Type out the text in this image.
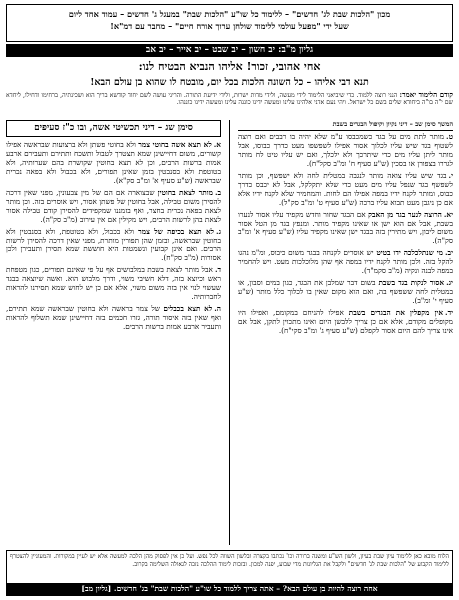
מכון "הלכות שבת לג' חדשים" – ללימוד כל שו"ע "הלכות שבת" במעגל ג' חדשים – עמוד אחד ליום
שעל ידי "מפעל עולמי ללימוד שולחן ערוך אורח חיים" – מחבר עם דמ"א!
גליון מ"ב: יב חשון – יב שבט – יב אייר – יב אב
אחי אהובי, זכור! אליהו הנביא הבטיח לנו:
תנא דבי אליהו – כל השונה הלכות בכל יום, מובטח לו שהוא בן עולם הבא!
קודם הלימוד יאמר: הנני רוצה ללמוד. כדי שיביאני הלימוד לידי מעשה, ולידי מדות ישרות, ולידי ידיעת התורה. והריני עושה לשם יחוד קודשא בריך הוא ושכינתיה, ברחימו ודחילו, ליחדא שם י"ה בו"ה ביחודא שלים בשם כל ישראל. ויהי נעם אדני אלהינו עלינו ומעשה ידינו כוננה עלינו ומעשה ידינו כוננהו.
המשך סימן שב – דיני נקיון וקיפול הבגדים בשבת

ט.מותר לתת מים על בגד כשמכבסו ע"מ שלא יהיה בו רבבים ואם רוצה לשטוף בגד שיש עליו לכלוך אסור אפילו לשפשפו מעט כדרך כבוסו, אבל מותר ליתן עליו מים כדי שיתרכך ולא ילכלך, ואם יש עליו טיט לח מותר לגררו בצפורן או בסכין (ש"ע סעיף ח' ומ"ב סקל"ח).

י.בגד שיש עליו צואה מותר לנגבה במטלית לחה ולא ישפשף, וכן מותר לשפשף בגד שנפל עליו מים מעט כדי שלא יתקלקל, אבל לא יכבס כדרך כבוס, ומותר לקנח ידיו במפה אפילו הם לחות. והמחמיר שלא לקנח ידיו אלא אם כן ניגבן מעט תבוא עליו ברכה (ש"ע סעיף ט' ומ"ב סק"ל).

יא.הרוצה לנער בגד מן האבק אם הבגד שחור וחדש מקפיד עליו אסור לנערו בשבת, אבל אם הוא ישן או שאינו מקפיד מותר. ומנפץ בגד מן הטל אסור משום ליבון, ויש מתירין בזה בבגד ישן שאינו מקפיד עליו (ש"ע סעיף א' ומ"ב סק"ה).

יב.מי שנתלכלכה ידו בטיט יש אוסרים לקנחה בבגד משום כיבוס, ומ"מ נהגו להקל בזה. ולכן מותר לקנח ידיו במפה אף שהן מלוכלכות מעט. ויש להחמיר במפה לבנה ונקיה (מ"ב סקמ"ד).

יג.אסור לנקות בגד בשבת בשום דבר שמלבן את הבגד, כגון במים וסבון, או במטלית לחה ששפשף בה, ואם הוא מקום שאין בו לכלוך כלל מותר (ש"ע סעיף י' ומ"ב).

יד.אין מקפלין את הבגדים בשבת אפילו להניחם במקומם, ואפילו היו מקופלים מקודם, אלא אם כן צריך ללבשן היום ואינו מתכוין לתקן, אבל אם אינו צריך להם היום אסור לקפלם (ש"ע סעיף ג' ומ"ב סקי"ח).

סימן שג – דיני תכשיטי אשה, ובו כ"ז סעיפים

א.לא תצא אשה בחוטי צמר ולא בחוטי פשתן ולא ברצועות שבראשה אפילו קשורים, משום דחיישינן שמא תצטרך לטבול ותשכח ותתירם ותעבירם ארבע אמות ברשות הרבים, וכן לא תצא בחוטין שקושרת בהם שערותיה, ולא בטוטפת ולא בסנבטין בזמן שאינן תפורים, ולא בכבול ולא בפאה נכרית שבראשה (ש"ע סעיף א' ומ"ב סק"א).

ב.מותר לצאת בחוטין שבצוארה אם הם של מין צבעונין, מפני שאין דרכה להסירן משום טבילה, אבל בחוטין של פשתן אסור, ויש אוסרים בזה. וכן מותר לצאת בפאה נכרית בחצר, ואף בזמננו שמקפידים להסירן קודם טבילה אסור לצאת בהן לרשות הרבים, ויש מקילין אם אין עירוב (מ"ב סק"ה).

ג.לא תצא בכיפה של צמר ולא בכבול, ולא בטוטפת, ולא בסנבטין ולא בחוטין שבראשה, ובזמן שהן תפורין מותרת, מפני שאין דרכה להסירן לרשות הרבים. ואם אינן קבועין ונשמטות היא חוששת שמא תסירן ותעבירן ולכן אסורות (מ"ב סק"ח).

ד.אבל מותר לצאת בשבת במלבושים אף על פי שאינם תפורים, כגון מטפחת ראש וכיוצא בזה, דלא חשיבי משוי, ודרך מלבוש הוא. ואשה שיוצאה בבגד שעשוי לנוי אין בזה משום משוי, אלא אם כן יש לחוש שמא תסירנו להראות לחברותיה.

ה.לא תצא בכבלים של צמר בראשה ולא בחוטין שבראשה שמא תתירם, ואף שאין בזה איסור תורה, גזרו חכמים בזה דחיישינן שמא תשלוף להראות ותעביר ארבע אמות ברשות הרבים.

הלוח מובא כאן ללימוד עיון שבת בעיון, ולשון הש"ע ומשנה ברורה וכו' נכתבו בקצרה ובלשון השווה לכל נפש. ועל כן אין לפסוק מהן הלכה למעשה אלא יש לעיין במקורות. והמעוניין להצטרף ללימוד הקבוע של "הלכות שבת לג' חדשים" ולקבל את הגליונות מדי שבוע, יפנה למכון. ובזכות לימוד ההלכה נזכה לגאולה השלימה בקרוב.
אחה רוצה להיות בן עולם הבא? – אתה צריך ללמוד כל שו"ע "הלכות שבת" בג' חדשים. [גליון מב]
